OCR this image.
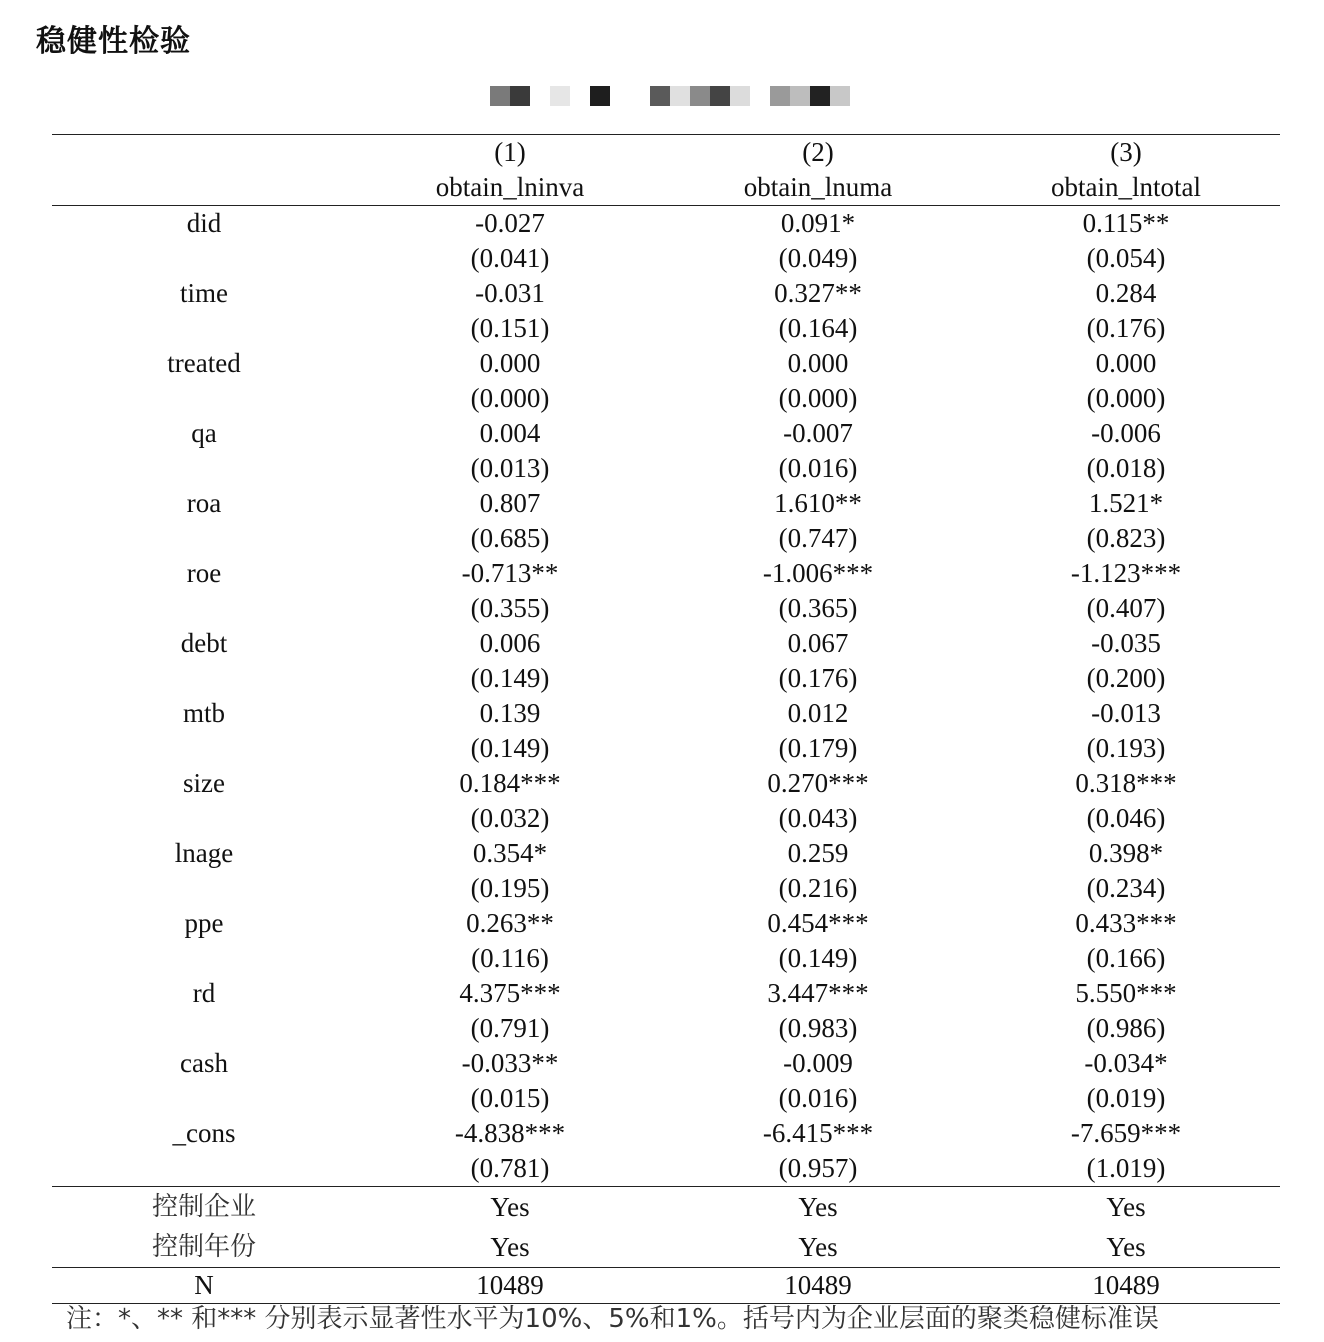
稳健性检验
	(1)	(2)	(3)
	obtain_lninva	obtain_lnuma	obtain_lntotal
did	-0.027	0.091*	0.115**
	(0.041)	(0.049)	(0.054)
time	-0.031	0.327**	0.284
	(0.151)	(0.164)	(0.176)
treated	0.000	0.000	0.000
	(0.000)	(0.000)	(0.000)
qa	0.004	-0.007	-0.006
	(0.013)	(0.016)	(0.018)
roa	0.807	1.610**	1.521*
	(0.685)	(0.747)	(0.823)
roe	-0.713**	-1.006***	-1.123***
	(0.355)	(0.365)	(0.407)
debt	0.006	0.067	-0.035
	(0.149)	(0.176)	(0.200)
mtb	0.139	0.012	-0.013
	(0.149)	(0.179)	(0.193)
size	0.184***	0.270***	0.318***
	(0.032)	(0.043)	(0.046)
lnage	0.354*	0.259	0.398*
	(0.195)	(0.216)	(0.234)
ppe	0.263**	0.454***	0.433***
	(0.116)	(0.149)	(0.166)
rd	4.375***	3.447***	5.550***
	(0.791)	(0.983)	(0.986)
cash	-0.033**	-0.009	-0.034*
	(0.015)	(0.016)	(0.019)
_cons	-4.838***	-6.415***	-7.659***
	(0.781)	(0.957)	(1.019)
控制企业	Yes	Yes	Yes
控制年份	Yes	Yes	Yes
N	10489	10489	10489
注：*、** 和*** 分别表示显著性水平为10%、5%和1%。括号内为企业层面的聚类稳健标准误
